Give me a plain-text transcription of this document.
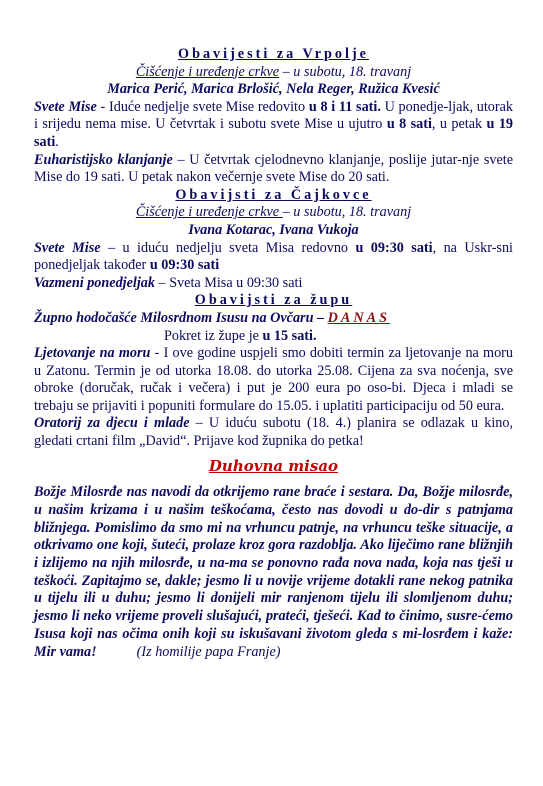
Obavijesti za Vrpolje
Čišćenje i uređenje crkve – u subotu, 18. travanj
Marica Perić, Marica Brlošić, Nela Reger, Ružica Kvesić
Svete Mise - Iduće nedjelje svete Mise redovito u 8 i 11 sati. U ponedje-ljak, utorak i srijedu nema mise. U četvrtak i subotu svete Mise u ujutro u 8 sati, u petak u 19 sati.
Euharistijsko klanjanje – U četvrtak cjelodnevno klanjanje, poslije jutar-nje svete Mise do 19 sati. U petak nakon večernje svete Mise do 20 sati.
Obavijsti za Čajkovce
Čišćenje i uređenje crkve – u subotu, 18. travanj
Ivana Kotarac, Ivana Vukoja
Svete Mise – u iduću nedjelju sveta Misa redovno u 09:30 sati, na Uskr-sni ponedjeljak također u 09:30 sati
Vazmeni ponedjeljak – Sveta Misa u 09:30 sati
Obavijsti za župu
Župno hodočašće Milosrdnom Isusu na Ovčaru – DANAS
Pokret iz župe je u 15 sati.
Ljetovanje na moru - I ove godine uspjeli smo dobiti termin za ljetovanje na moru u Zatonu. Termin je od utorka 18.08. do utorka 25.08. Cijena za sva noćenja, sve obroke (doručak, ručak i večera) i put je 200 eura po oso-bi. Djeca i mladi se trebaju se prijaviti i popuniti formulare do 15.05. i uplatiti participaciju od 50 eura.
Oratorij za djecu i mlade – U iduću subotu (18. 4.) planira se odlazak u kino, gledati crtani film „David“. Prijave kod župnika do petka!
Duhovna misao
Božje Milosrđe nas navodi da otkrijemo rane braće i sestara. Da, Božje milosrđe, u našim krizama i u našim teškoćama, često nas dovodi u do-dir s patnjama bližnjega. Pomislimo da smo mi na vrhuncu patnje, na vrhuncu teške situacije, a otkrivamo one koji, šuteći, prolaze kroz gora razdoblja. Ako liječimo rane bližnjih i izlijemo na njih milosrđe, u na-ma se ponovno rađa nova nada, koja nas tješi u teškoći. Zapitajmo se, dakle; jesmo li u novije vrijeme dotakli rane nekog patnika u tijelu ili u duhu; jesmo li donijeli mir ranjenom tijelu ili slomljenom duhu; jesmo li neko vrijeme proveli slušajući, prateći, tješeći. Kad to činimo, susre-ćemo Isusa koji nas očima onih koji su iskušavani životom gleda s mi-losrđem i kaže: Mir vama!	(Iz homilije papa Franje)
